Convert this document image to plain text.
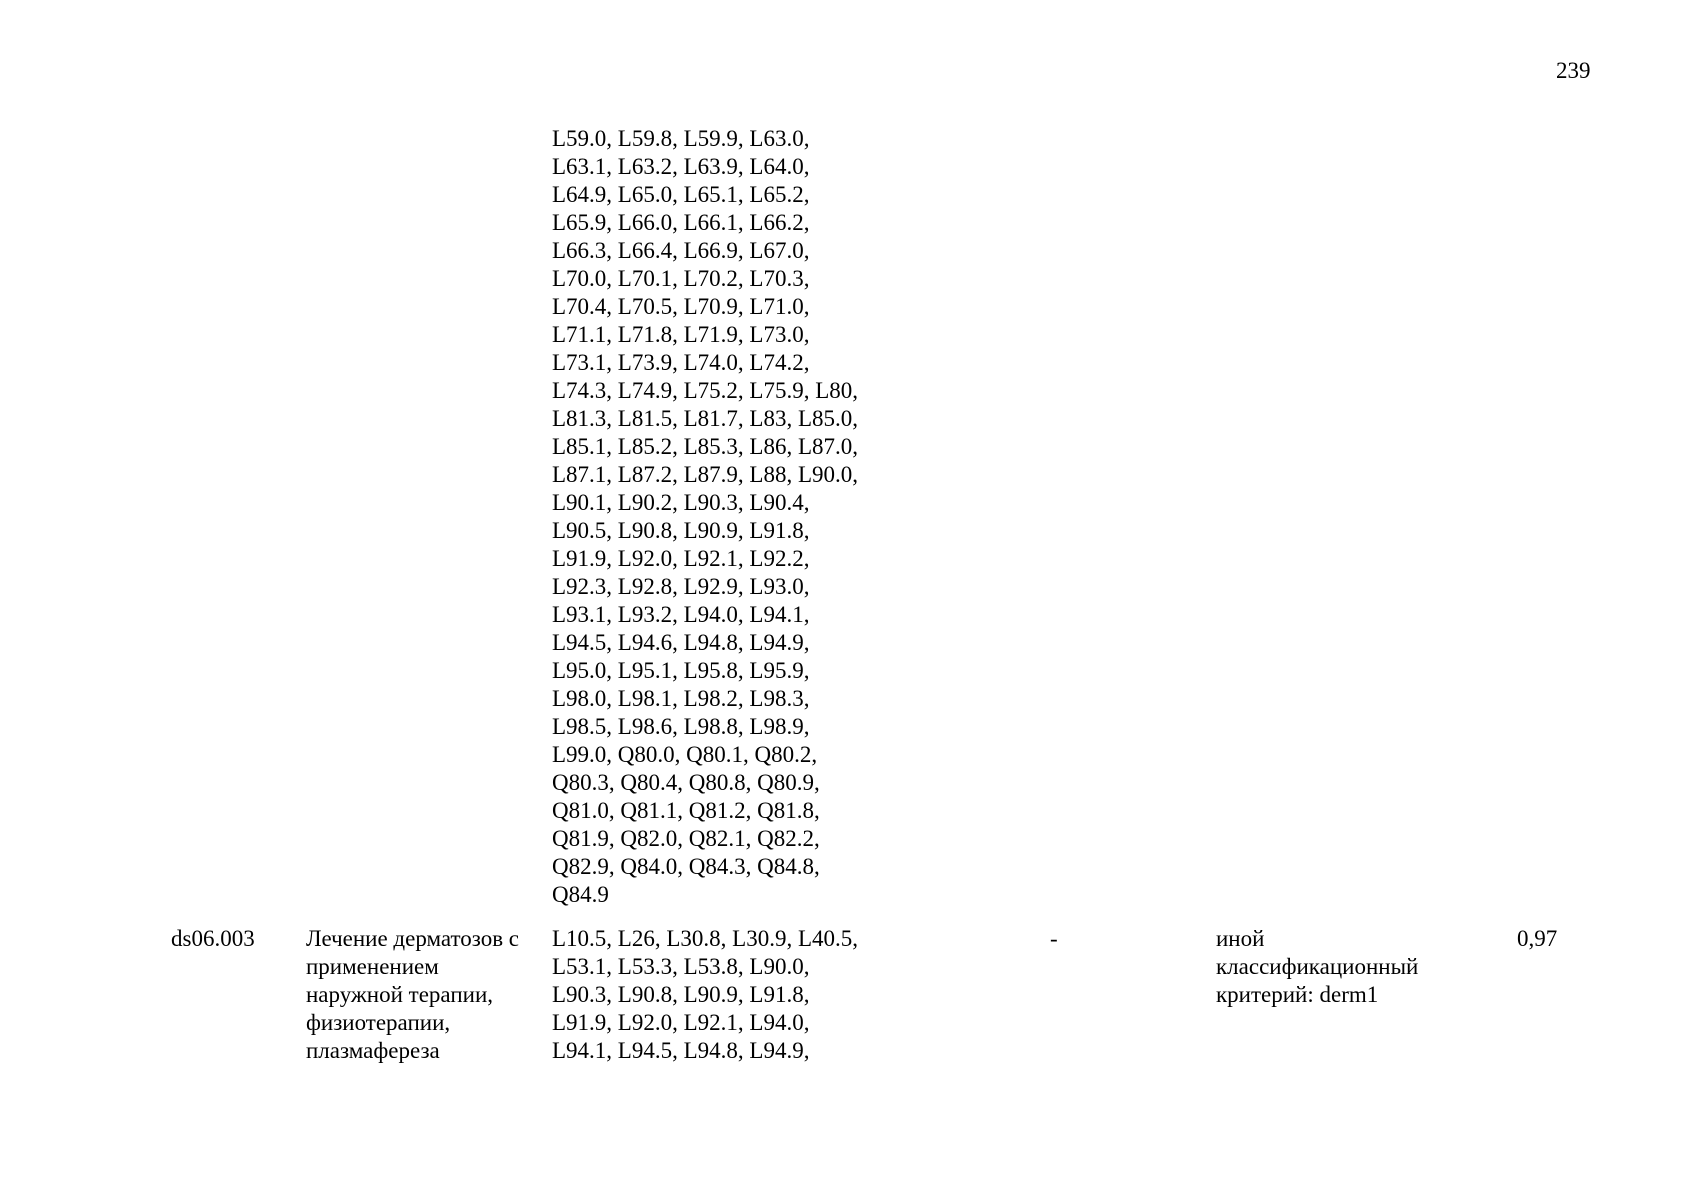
239
L59.0, L59.8, L59.9, L63.0,
L63.1, L63.2, L63.9, L64.0,
L64.9, L65.0, L65.1, L65.2,
L65.9, L66.0, L66.1, L66.2,
L66.3, L66.4, L66.9, L67.0,
L70.0, L70.1, L70.2, L70.3,
L70.4, L70.5, L70.9, L71.0,
L71.1, L71.8, L71.9, L73.0,
L73.1, L73.9, L74.0, L74.2,
L74.3, L74.9, L75.2, L75.9, L80,
L81.3, L81.5, L81.7, L83, L85.0,
L85.1, L85.2, L85.3, L86, L87.0,
L87.1, L87.2, L87.9, L88, L90.0,
L90.1, L90.2, L90.3, L90.4,
L90.5, L90.8, L90.9, L91.8,
L91.9, L92.0, L92.1, L92.2,
L92.3, L92.8, L92.9, L93.0,
L93.1, L93.2, L94.0, L94.1,
L94.5, L94.6, L94.8, L94.9,
L95.0, L95.1, L95.8, L95.9,
L98.0, L98.1, L98.2, L98.3,
L98.5, L98.6, L98.8, L98.9,
L99.0, Q80.0, Q80.1, Q80.2,
Q80.3, Q80.4, Q80.8, Q80.9,
Q81.0, Q81.1, Q81.2, Q81.8,
Q81.9, Q82.0, Q82.1, Q82.2,
Q82.9, Q84.0, Q84.3, Q84.8,
Q84.9
ds06.003 Лечение дерматозов с
применением
наружной терапии,
физиотерапии,
плазмафереза
L10.5, L26, L30.8, L30.9, L40.5,
L53.1, L53.3, L53.8, L90.0,
L90.3, L90.8, L90.9, L91.8,
L91.9, L92.0, L92.1, L94.0,
L94.1, L94.5, L94.8, L94.9,
-	иной
классификационный
критерий: derm1
0,97
